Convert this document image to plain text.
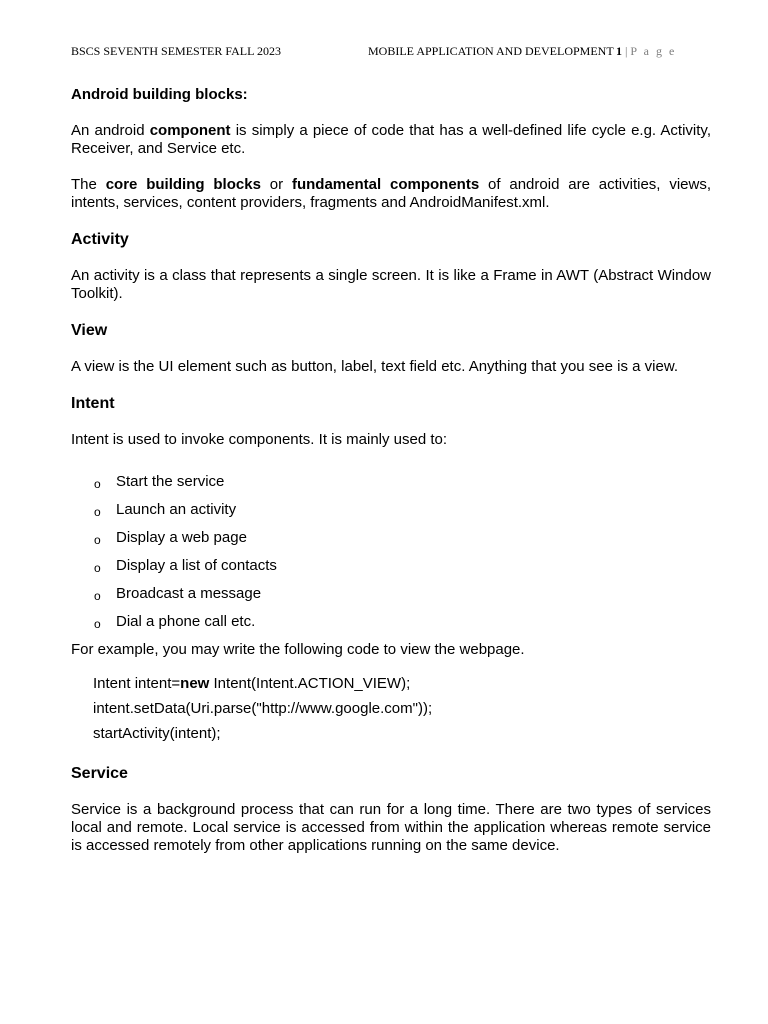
BSCS SEVENTH SEMESTER FALL 2023	MOBILE APPLICATION AND DEVELOPMENT 1 | P a g e
Android building blocks:

An android component is simply a piece of code that has a well-defined life cycle e.g. Activity, Receiver, and Service etc.

The core building blocks or fundamental components of android are activities, views, intents, services, content providers, fragments and AndroidManifest.xml.

Activity

An activity is a class that represents a single screen. It is like a Frame in AWT (Abstract Window Toolkit).

View

A view is the UI element such as button, label, text field etc. Anything that you see is a view.

Intent

Intent is used to invoke components. It is mainly used to:

o Start the service
o Launch an activity
o Display a web page
o Display a list of contacts
o Broadcast a message
o Dial a phone call etc.

For example, you may write the following code to view the webpage.

Intent intent=new Intent(Intent.ACTION_VIEW);
intent.setData(Uri.parse("http://www.google.com"));
startActivity(intent);
Service

Service is a background process that can run for a long time. There are two types of services local and remote. Local service is accessed from within the application whereas remote service is accessed remotely from other applications running on the same device.
